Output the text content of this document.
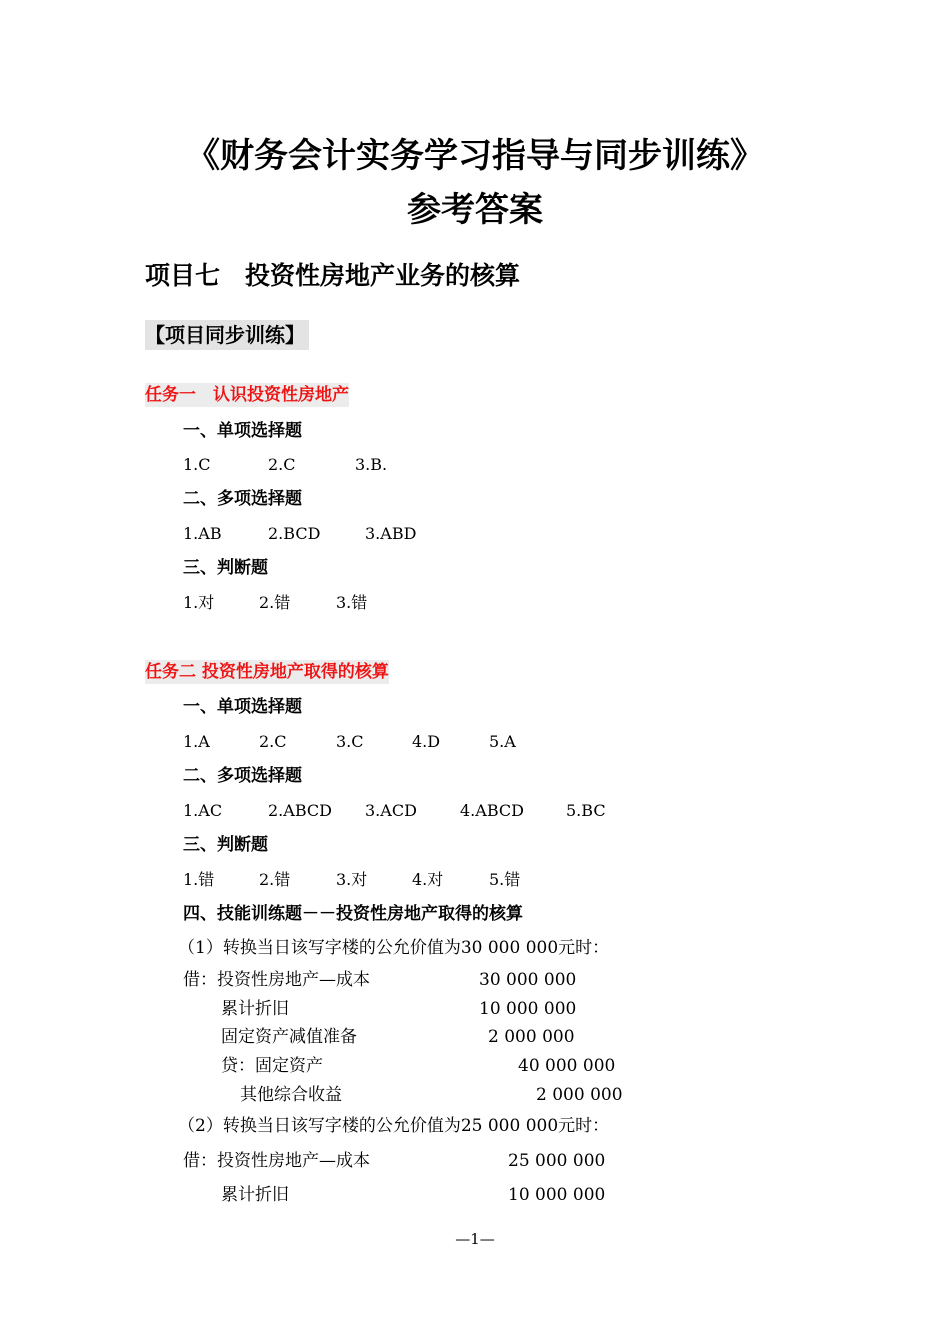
《财务会计实务学习指导与同步训练》
参考答案
项目七　投资性房地产业务的核算
【项目同步训练】
任务一　认识投资性房地产
一、单项选择题

1.C

	2.C

	3.B.

二、多项选择题

1.AB

	2.BCD

	3.ABD

三、判断题

1.对

	2.错

	3.错

任务二 投资性房地产取得的核算
一、单项选择题

1.A

	2.C

	3.C

	4.D

	5.A

二、多项选择题

1.AC

	2.ABCD

3.ACD

	4.ABCD

	5.BC

三、判断题

1.错

	2.错

	3.对

	4.对

	5.错

四、技能训练题－－投资性房地产取得的核算
（1）转换当日该写字楼的公允价值为30 000 000元时：
借：投资性房地产—成本	30 000 000
累计折旧	10 000 000
固定资产减值准备	2 000 000
贷：固定资产	40 000 000
其他综合收益	2 000 000
（2）转换当日该写字楼的公允价值为25 000 000元时：
借：投资性房地产—成本	25 000 000
累计折旧	10 000 000
—1—
